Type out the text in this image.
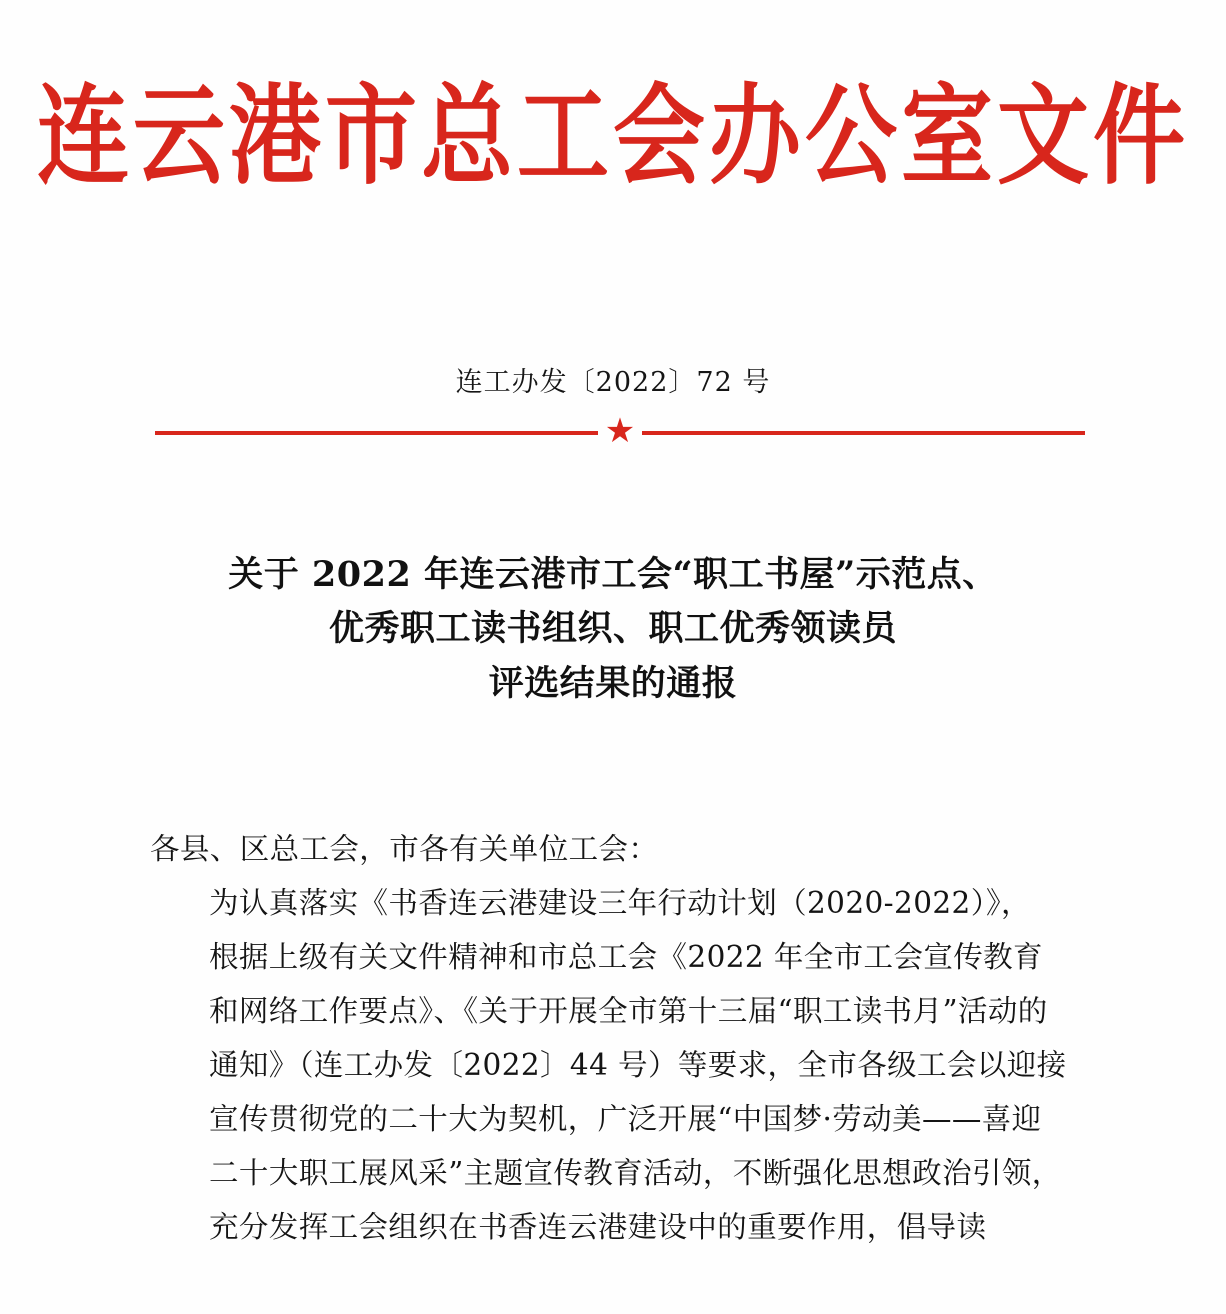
连云港市总工会办公室文件
连工办发〔2022〕72 号
★
关于 2022 年连云港市工会“职工书屋”示范点、
优秀职工读书组织、职工优秀领读员
评选结果的通报

各县、区总工会，市各有关单位工会：

为认真落实《书香连云港建设三年行动计划（2020-2022）》，
根据上级有关文件精神和市总工会《2022 年全市工会宣传教育
和网络工作要点》、《关于开展全市第十三届“职工读书月”活动的
通知》（连工办发〔2022〕44 号）等要求，全市各级工会以迎接
宣传贯彻党的二十大为契机，广泛开展“中国梦·劳动美——喜迎
二十大职工展风采”主题宣传教育活动，不断强化思想政治引领，
充分发挥工会组织在书香连云港建设中的重要作用，倡导读
